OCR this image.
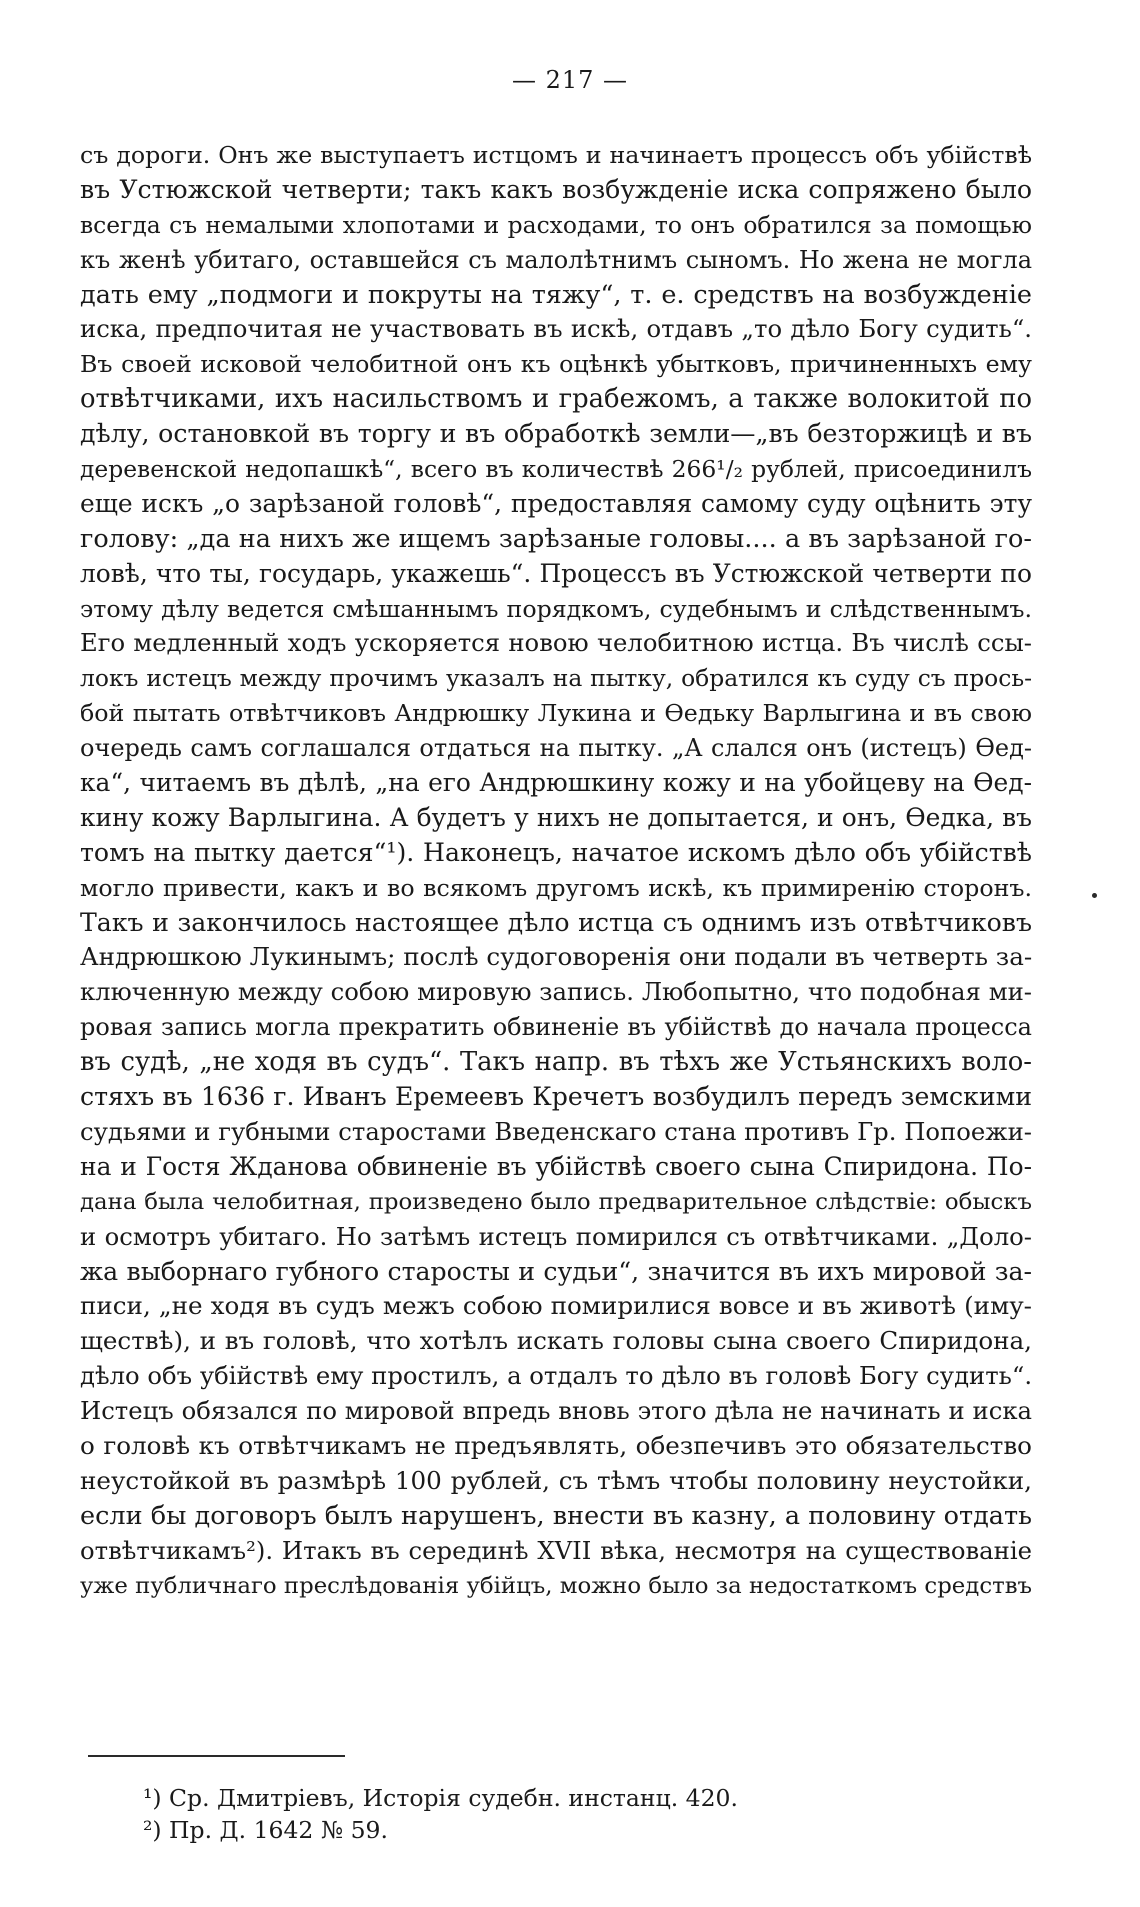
— 217 —
съ дороги. Онъ же выступаетъ истцомъ и начинаетъ процессъ объ убійствѣ
въ Устюжской четверти; такъ какъ возбужденіе иска сопряжено было
всегда съ немалыми хлопотами и расходами, то онъ обратился за помощью
къ женѣ убитаго, оставшейся съ малолѣтнимъ сыномъ. Но жена не могла
дать ему „подмоги и покруты на тяжу“, т. е. средствъ на возбужденіе
иска, предпочитая не участвовать въ искѣ, отдавъ „то дѣло Богу судить“.
Въ своей исковой челобитной онъ къ оцѣнкѣ убытковъ, причиненныхъ ему
отвѣтчиками, ихъ насильствомъ и грабежомъ, а также волокитой по
дѣлу, остановкой въ торгу и въ обработкѣ земли—„въ безторжицѣ и въ
деревенской недопашкѣ“, всего въ количествѣ 266¹/₂ рублей, присоединилъ
еще искъ „о зарѣзаной головѣ“, предоставляя самому суду оцѣнить эту
голову: „да на нихъ же ищемъ зарѣзаные головы.... а въ зарѣзаной го-
ловѣ, что ты, государь, укажешь“. Процессъ въ Устюжской четверти по
этому дѣлу ведется смѣшаннымъ порядкомъ, судебнымъ и слѣдственнымъ.
Его медленный ходъ ускоряется новою челобитною истца. Въ числѣ ссы-
локъ истецъ между прочимъ указалъ на пытку, обратился къ суду съ прось-
бой пытать отвѣтчиковъ Андрюшку Лукина и Ѳедьку Варлыгина и въ свою
очередь самъ соглашался отдаться на пытку. „А слался онъ (истецъ) Ѳед-
ка“, читаемъ въ дѣлѣ, „на его Андрюшкину кожу и на убойцеву на Ѳед-
кину кожу Варлыгина. А будетъ у нихъ не допытается, и онъ, Ѳедка, въ
томъ на пытку дается“¹). Наконецъ, начатое искомъ дѣло объ убійствѣ
могло привести, какъ и во всякомъ другомъ искѣ, къ примиренію сторонъ.
Такъ и закончилось настоящее дѣло истца съ однимъ изъ отвѣтчиковъ
Андрюшкою Лукинымъ; послѣ судоговоренія они подали въ четверть за-
ключенную между собою мировую запись. Любопытно, что подобная ми-
ровая запись могла прекратить обвиненіе въ убійствѣ до начала процесса
въ судѣ, „не ходя въ судъ“. Такъ напр. въ тѣхъ же Устьянскихъ воло-
стяхъ въ 1636 г. Иванъ Еремеевъ Кречетъ возбудилъ передъ земскими
судьями и губными старостами Введенскаго стана противъ Гр. Попоежи-
на и Гостя Жданова обвиненіе въ убійствѣ своего сына Спиридона. По-
дана была челобитная, произведено было предварительное слѣдствіе: обыскъ
и осмотръ убитаго. Но затѣмъ истецъ помирился съ отвѣтчиками. „Доло-
жа выборнаго губного старосты и судьи“, значится въ ихъ мировой за-
писи, „не ходя въ судъ межъ собою помирилися вовсе и въ животѣ (иму-
ществѣ), и въ головѣ, что хотѣлъ искать головы сына своего Спиридона,
дѣло объ убійствѣ ему простилъ, а отдалъ то дѣло въ головѣ Богу судить“.
Истецъ обязался по мировой впредь вновь этого дѣла не начинать и иска
о головѣ къ отвѣтчикамъ не предъявлять, обезпечивъ это обязательство
неустойкой въ размѣрѣ 100 рублей, съ тѣмъ чтобы половину неустойки,
если бы договоръ былъ нарушенъ, внести въ казну, а половину отдать
отвѣтчикамъ²). Итакъ въ серединѣ XVII вѣка, несмотря на существованіе
уже публичнаго преслѣдованія убійцъ, можно было за недостаткомъ средствъ
¹) Ср. Дмитріевъ, Исторія судебн. инстанц. 420.
²) Пр. Д. 1642 № 59.
